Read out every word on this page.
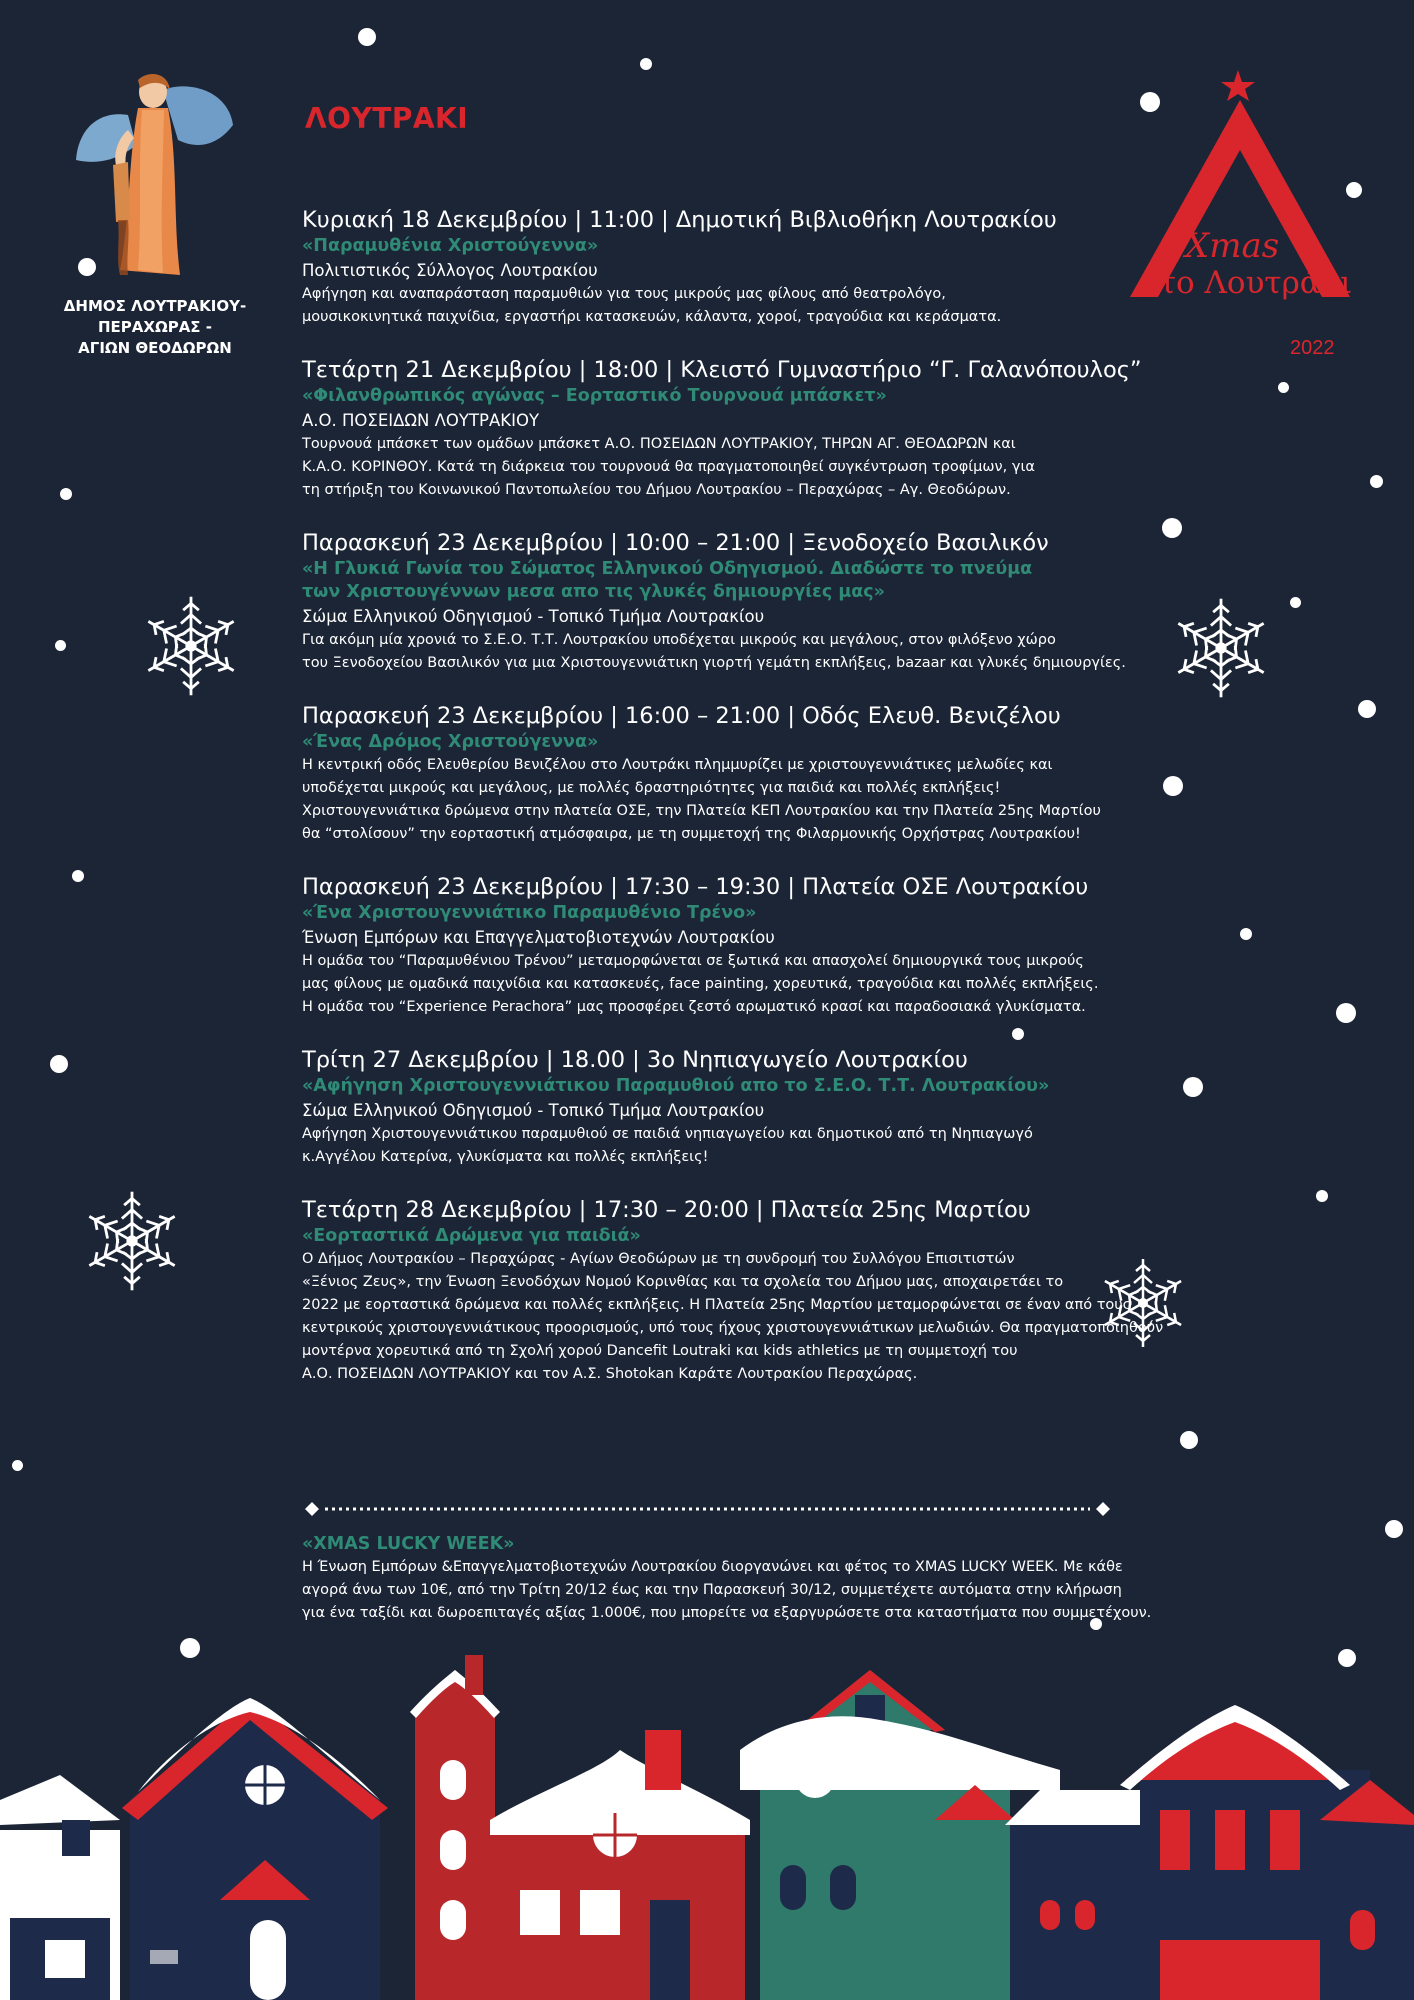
ΔΗΜΟΣ ΛΟΥΤΡΑΚΙΟΥ-
ΠΕΡΑΧΩΡΑΣ -
ΑΓΙΩΝ ΘΕΟΔΩΡΩΝ
ΛΟΥΤΡΑΚΙ
Xmas
στο Λουτράκι
2022
Κυριακή 18 Δεκεμβρίου | 11:00 | Δημοτική Βιβλιοθήκη Λουτρακίου
«Παραμυθένια Χριστούγεννα»
Πολιτιστικός Σύλλογος Λουτρακίου
Αφήγηση και αναπαράσταση παραμυθιών για τους μικρούς μας φίλους από θεατρολόγο,
μουσικοκινητικά παιχνίδια, εργαστήρι κατασκευών, κάλαντα, χοροί, τραγούδια και κεράσματα.
Τετάρτη 21 Δεκεμβρίου | 18:00 | Κλειστό Γυμναστήριο “Γ. Γαλανόπουλος”
«Φιλανθρωπικός αγώνας – Εορταστικό Τουρνουά μπάσκετ»
Α.Ο. ΠΟΣΕΙΔΩΝ ΛΟΥΤΡΑΚΙΟΥ
Τουρνουά μπάσκετ των ομάδων μπάσκετ Α.Ο. ΠΟΣΕΙΔΩΝ ΛΟΥΤΡΑΚΙΟΥ, ΤΗΡΩΝ ΑΓ. ΘΕΟΔΩΡΩΝ και
Κ.Α.Ο. ΚΟΡΙΝΘΟΥ. Κατά τη διάρκεια του τουρνουά θα πραγματοποιηθεί συγκέντρωση τροφίμων, για
τη στήριξη του Κοινωνικού Παντοπωλείου του Δήμου Λουτρακίου – Περαχώρας – Αγ. Θεοδώρων.
Παρασκευή 23 Δεκεμβρίου | 10:00 – 21:00 | Ξενοδοχείο Βασιλικόν
«Η Γλυκιά Γωνία του Σώματος Ελληνικού Οδηγισμού. Διαδώστε το πνεύμα
των Χριστουγέννων μεσα απο τις γλυκές δημιουργίες μας»
Σώμα Ελληνικού Οδηγισμού - Τοπικό Τμήμα Λουτρακίου
Για ακόμη μία χρονιά το Σ.Ε.Ο. Τ.Τ. Λουτρακίου υποδέχεται μικρούς και μεγάλους, στον φιλόξενο χώρο
του Ξενοδοχείου Βασιλικόν για μια Χριστουγεννιάτικη γιορτή γεμάτη εκπλήξεις, bazaar και γλυκές δημιουργίες.
Παρασκευή 23 Δεκεμβρίου | 16:00 – 21:00 | Οδός Ελευθ. Βενιζέλου
«Ένας Δρόμος Χριστούγεννα»
Η κεντρική οδός Ελευθερίου Βενιζέλου στο Λουτράκι πλημμυρίζει με χριστουγεννιάτικες μελωδίες και
υποδέχεται μικρούς και μεγάλους, με πολλές δραστηριότητες για παιδιά και πολλές εκπλήξεις!
Χριστουγεννιάτικα δρώμενα στην πλατεία ΟΣΕ, την Πλατεία ΚΕΠ Λουτρακίου και την Πλατεία 25ης Μαρτίου
θα “στολίσουν” την εορταστική ατμόσφαιρα, με τη συμμετοχή της Φιλαρμονικής Ορχήστρας Λουτρακίου!
Παρασκευή 23 Δεκεμβρίου | 17:30 – 19:30 | Πλατεία ΟΣΕ Λουτρακίου
«Ένα Χριστουγεννιάτικο Παραμυθένιο Τρένο»
Ένωση Εμπόρων και Επαγγελματοβιοτεχνών Λουτρακίου
Η ομάδα του “Παραμυθένιου Τρένου” μεταμορφώνεται σε ξωτικά και απασχολεί δημιουργικά τους μικρούς
μας φίλους με ομαδικά παιχνίδια και κατασκευές, face painting, χορευτικά, τραγούδια και πολλές εκπλήξεις.
Η ομάδα του “Experience Perachora” μας προσφέρει ζεστό αρωματικό κρασί και παραδοσιακά γλυκίσματα.
Τρίτη 27 Δεκεμβρίου | 18.00 | 3ο Νηπιαγωγείο Λουτρακίου
«Αφήγηση Χριστουγεννιάτικου Παραμυθιού απο το Σ.Ε.Ο. Τ.Τ. Λουτρακίου»
Σώμα Ελληνικού Οδηγισμού - Τοπικό Τμήμα Λουτρακίου
Αφήγηση Χριστουγεννιάτικου παραμυθιού σε παιδιά νηπιαγωγείου και δημοτικού από τη Νηπιαγωγό
κ.Αγγέλου Κατερίνα, γλυκίσματα και πολλές εκπλήξεις!
Τετάρτη 28 Δεκεμβρίου | 17:30 – 20:00 | Πλατεία 25ης Μαρτίου
«Εορταστικά Δρώμενα για παιδιά»
Ο Δήμος Λουτρακίου – Περαχώρας - Αγίων Θεοδώρων με τη συνδρομή του Συλλόγου Επισιτιστών
«Ξένιος Ζευς», την Ένωση Ξενοδόχων Νομού Κορινθίας και τα σχολεία του Δήμου μας, αποχαιρετάει το
2022 με εορταστικά δρώμενα και πολλές εκπλήξεις. Η Πλατεία 25ης Μαρτίου μεταμορφώνεται σε έναν από τους
κεντρικούς χριστουγεννιάτικους προορισμούς, υπό τους ήχους χριστουγεννιάτικων μελωδιών. Θα πραγματοποιηθούν
μοντέρνα χορευτικά από τη Σχολή χορού Dancefit Loutraki και kids athletics με τη συμμετοχή του
Α.Ο. ΠΟΣΕΙΔΩΝ ΛΟΥΤΡΑΚΙΟΥ και τον Α.Σ. Shotokan Καράτε Λουτρακίου Περαχώρας.
«XMAS LUCKY WEEK»
Η Ένωση Εμπόρων &Επαγγελματοβιοτεχνών Λουτρακίου διοργανώνει και φέτος το XMAS LUCKY WEEK. Με κάθε
αγορά άνω των 10€, από την Τρίτη 20/12 έως και την Παρασκευή 30/12, συμμετέχετε αυτόματα στην κλήρωση
για ένα ταξίδι και δωροεπιταγές αξίας 1.000€, που μπορείτε να εξαργυρώσετε στα καταστήματα που συμμετέχουν.
